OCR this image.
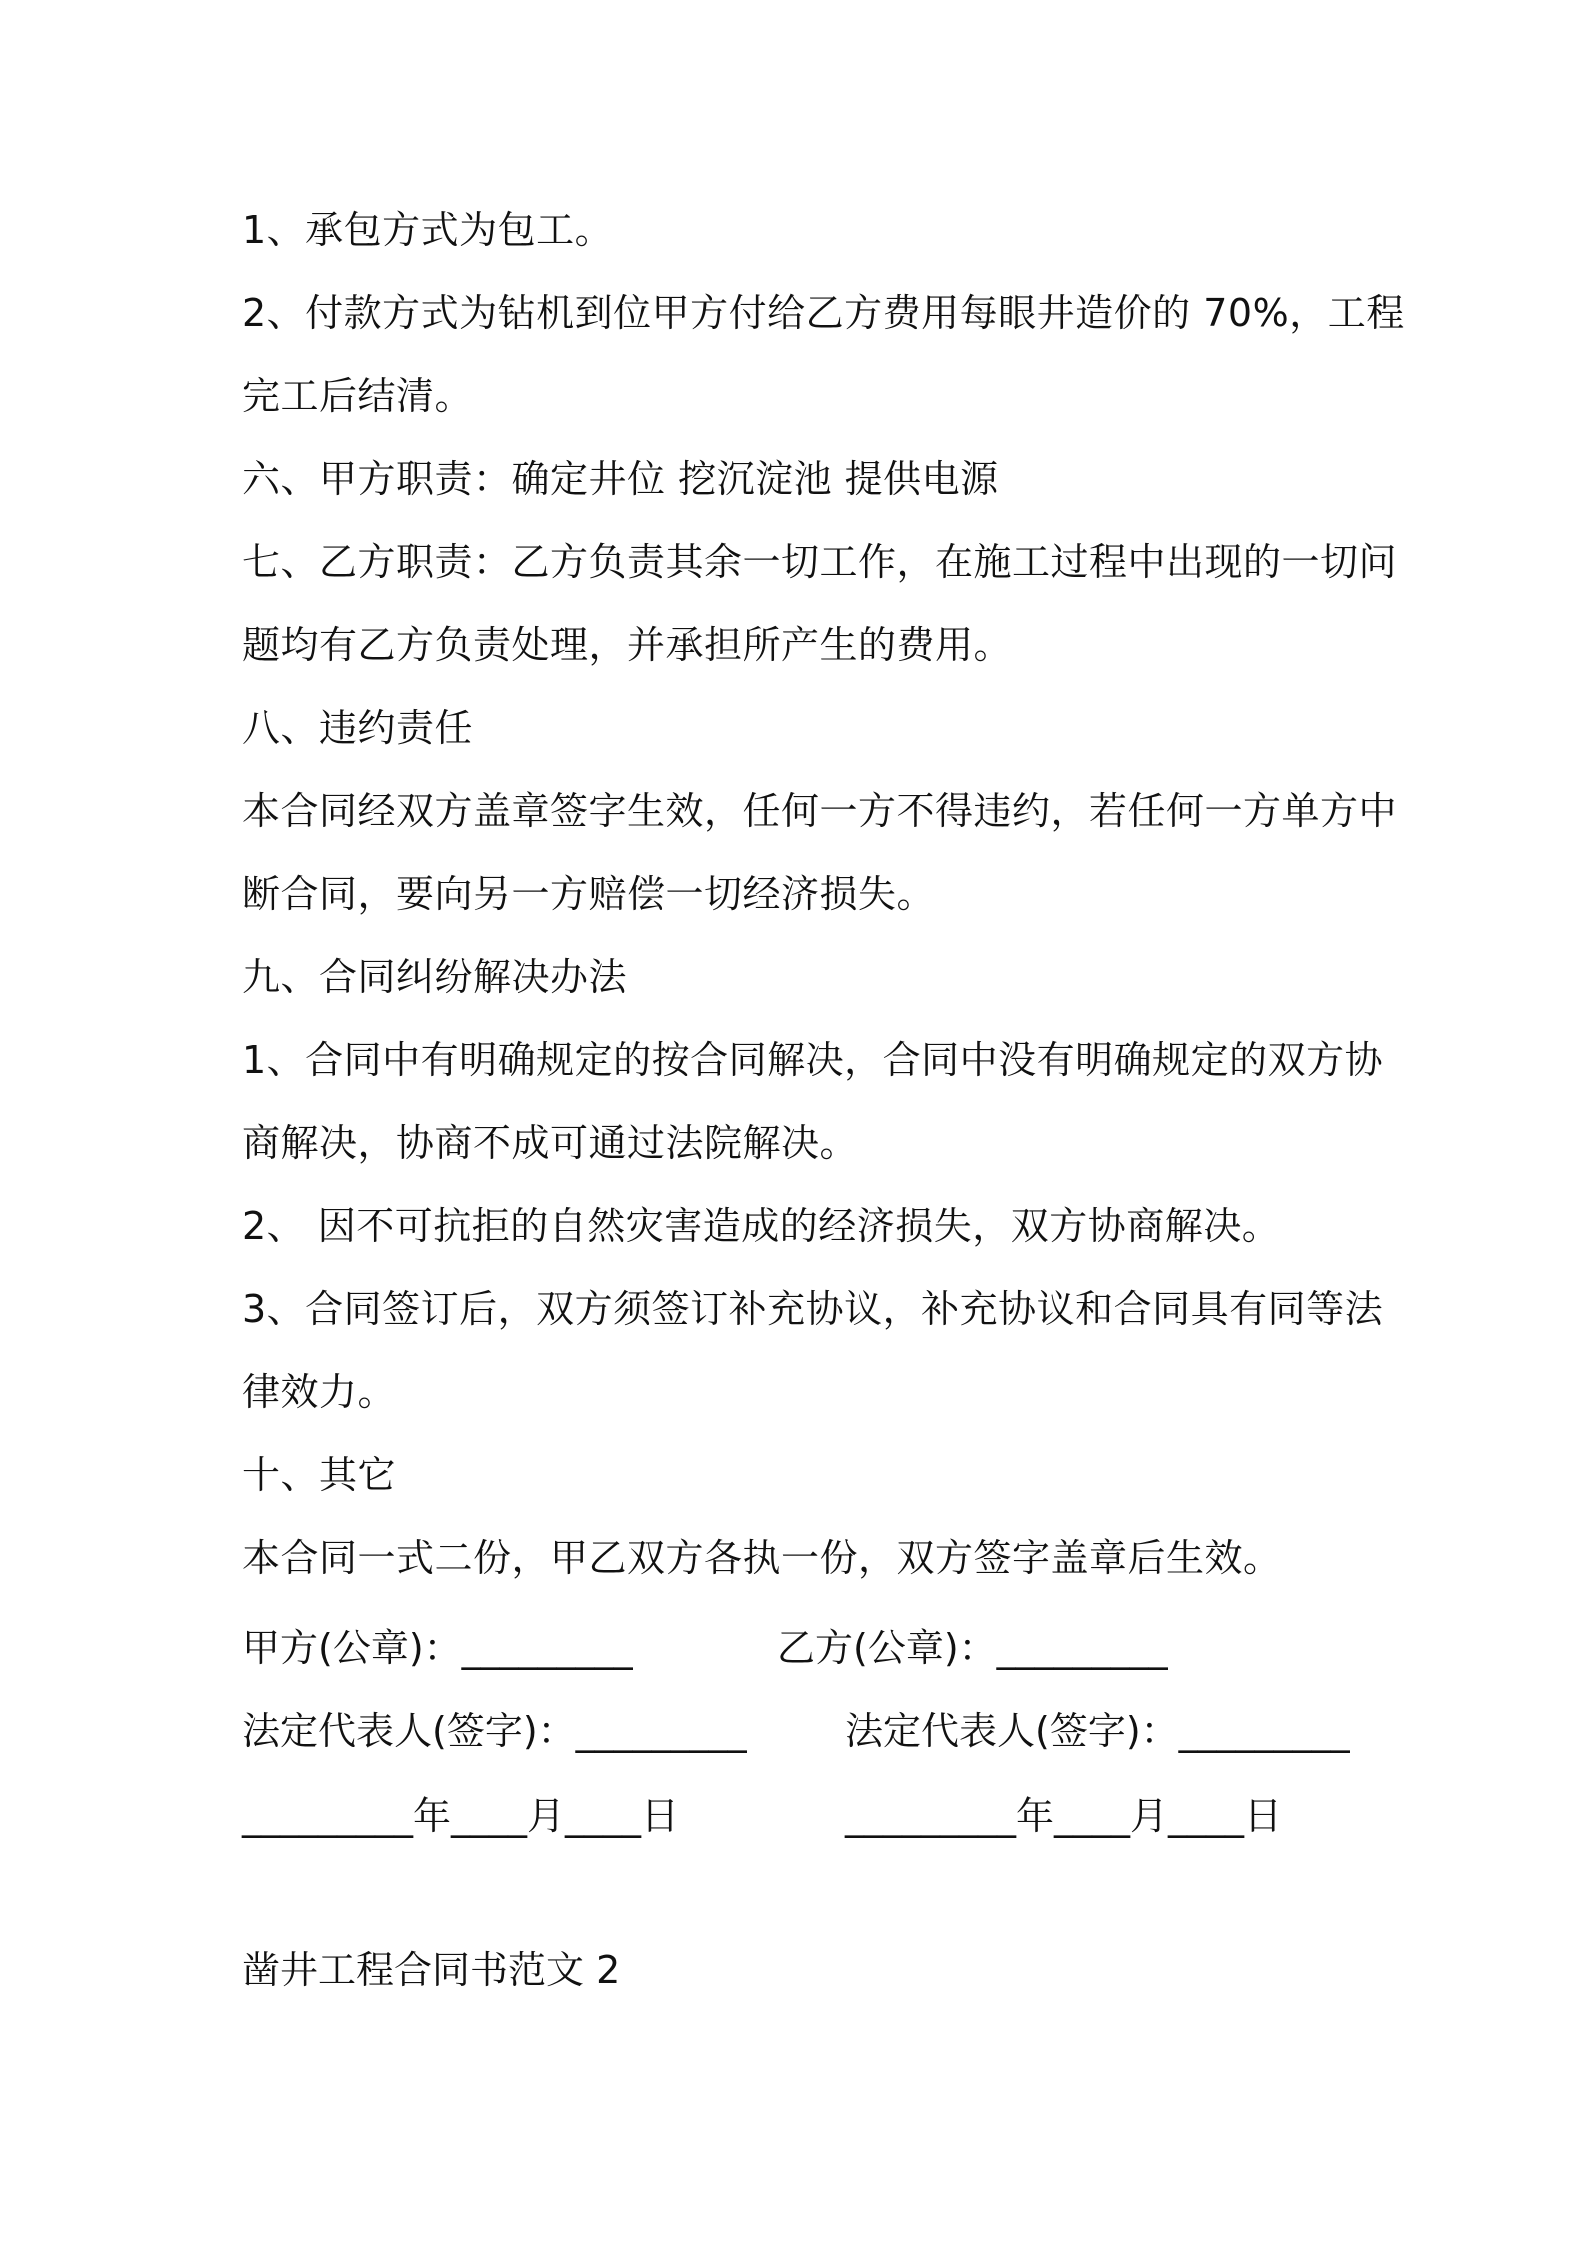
1、承包方式为包工。
2、付款方式为钻机到位甲方付给乙方费用每眼井造价的 70%，工程
完工后结清。
六、甲方职责：确定井位 挖沉淀池 提供电源
七、乙方职责：乙方负责其余一切工作，在施工过程中出现的一切问
题均有乙方负责处理，并承担所产生的费用。
八、违约责任
本合同经双方盖章签字生效，任何一方不得违约，若任何一方单方中
断合同，要向另一方赔偿一切经济损失。
九、合同纠纷解决办法
1、合同中有明确规定的按合同解决，合同中没有明确规定的双方协
商解决，协商不成可通过法院解决。
2、 因不可抗拒的自然灾害造成的经济损失，双方协商解决。
3、合同签订后，双方须签订补充协议，补充协议和合同具有同等法
律效力。
十、其它
本合同一式二份，甲乙双方各执一份，双方签字盖章后生效。
甲方(公章)：_________	乙方(公章)：_________
法定代表人(签字)：_________	法定代表人(签字)：_________
_________年____月____日	_________年____月____日
凿井工程合同书范文 2
